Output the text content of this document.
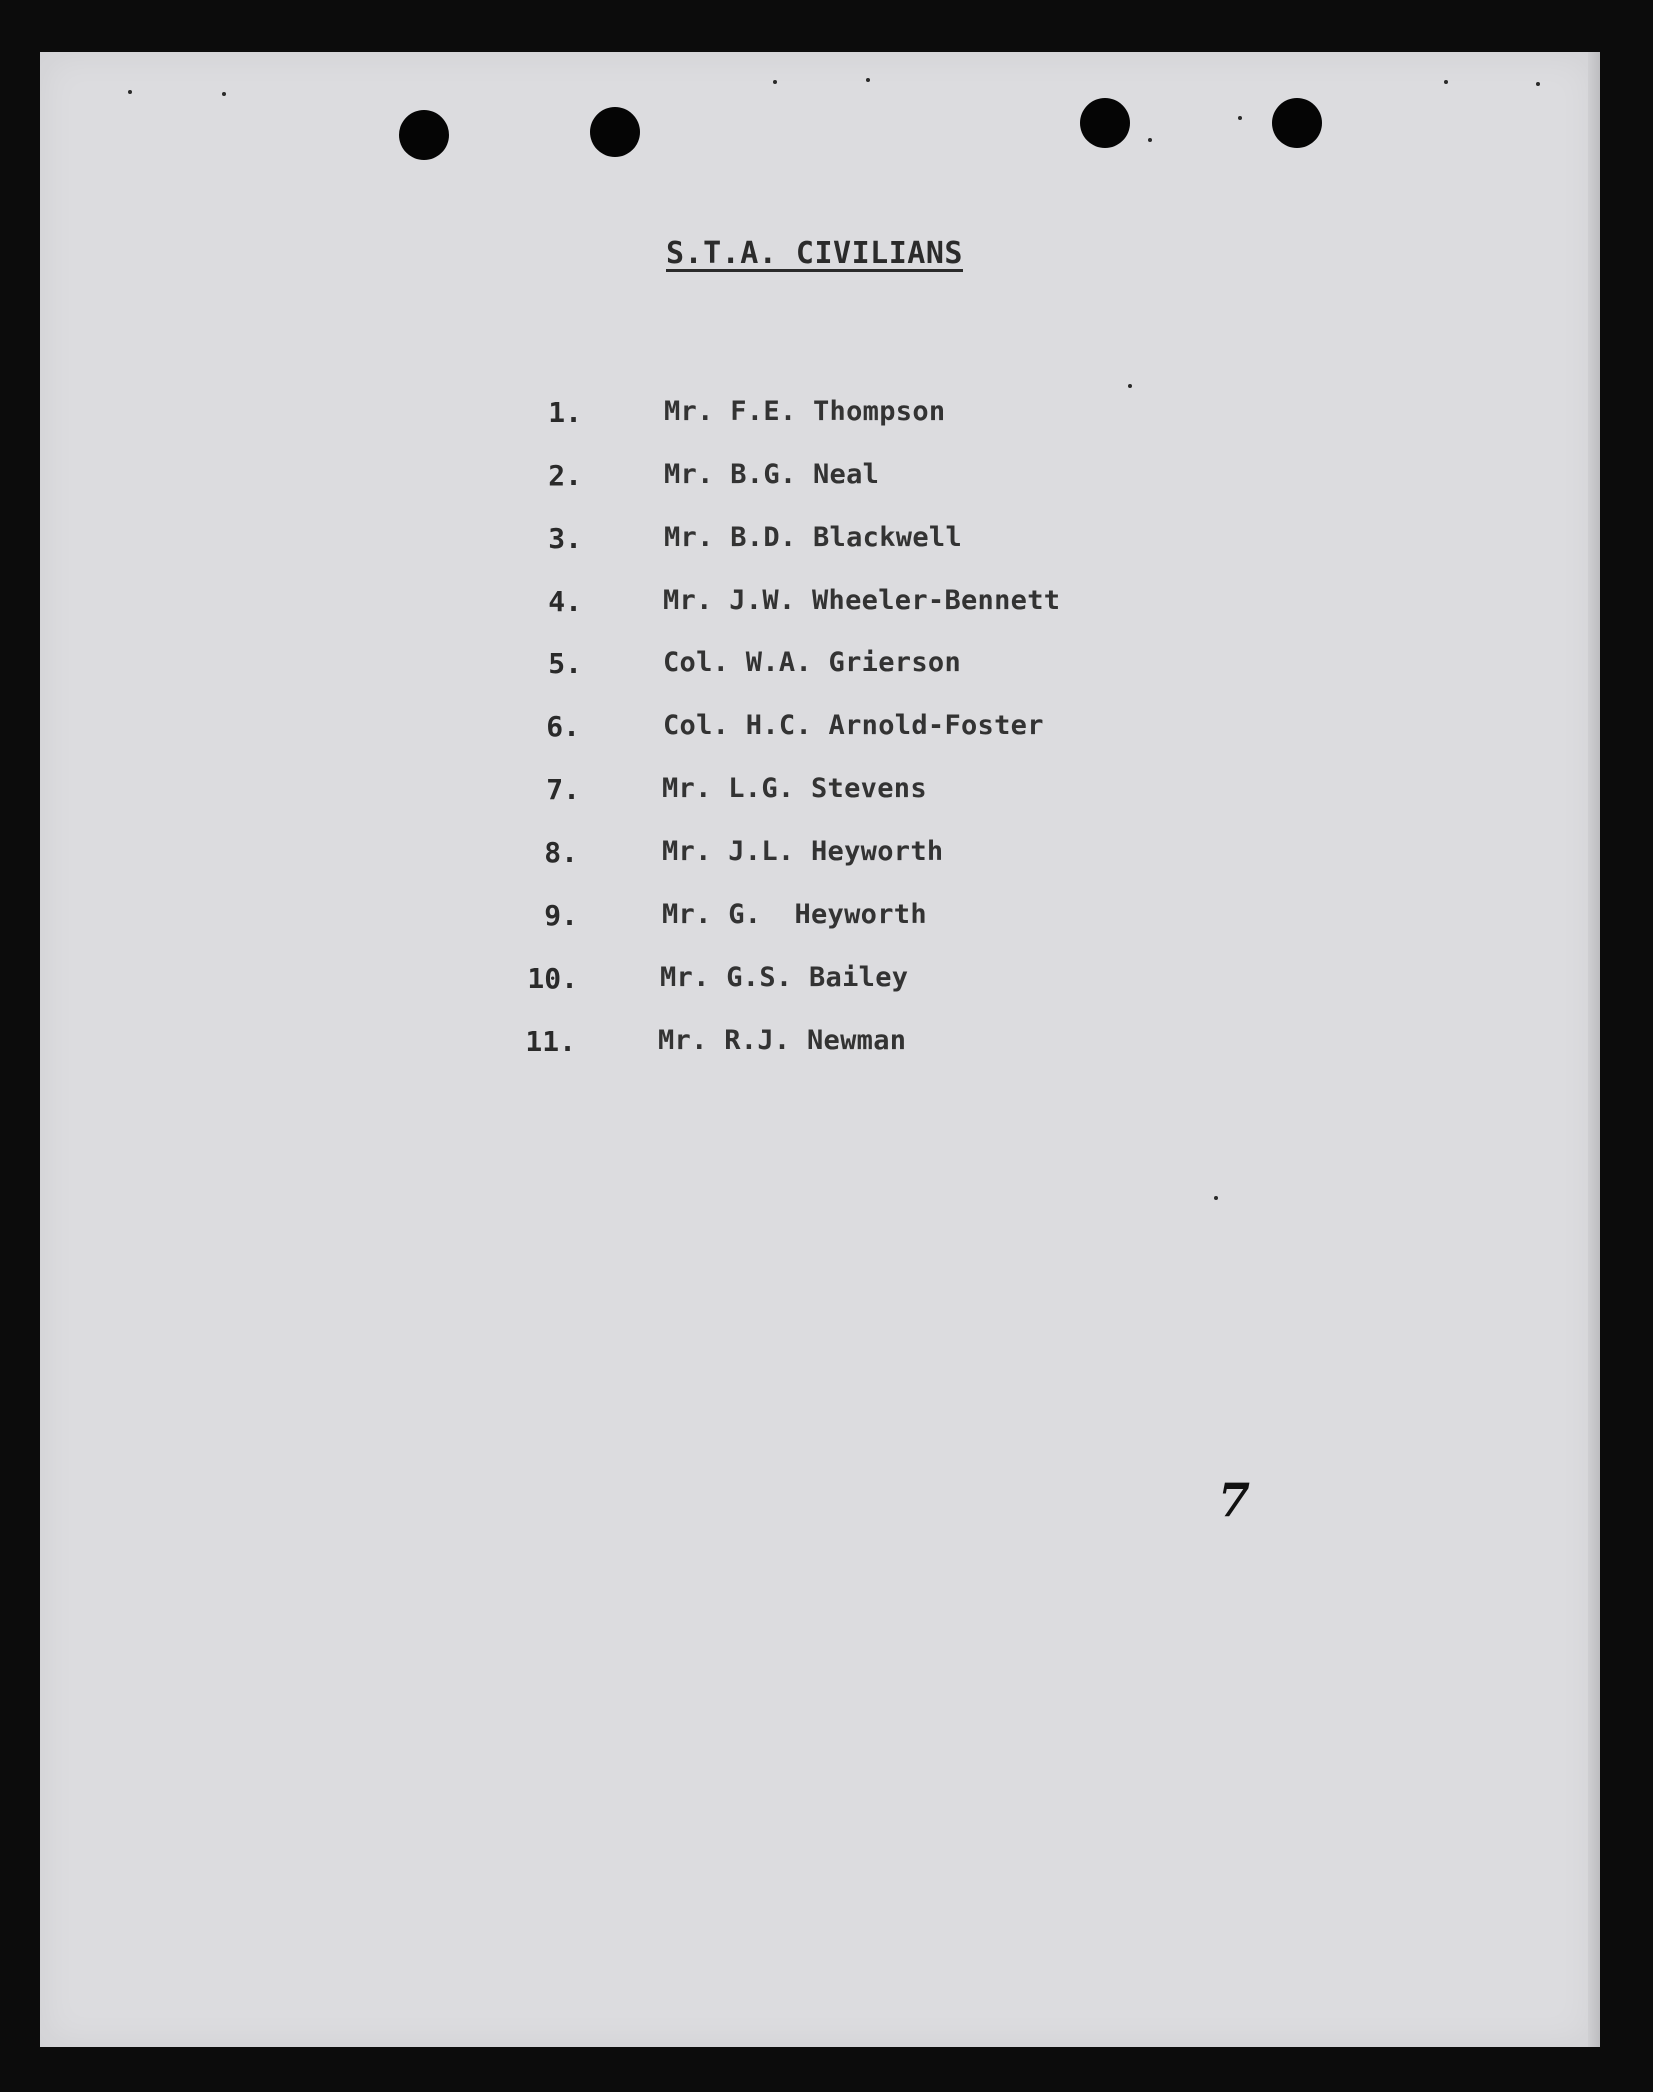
S.T.A. CIVILIANS
1.	Mr. F.E. Thompson
2.	Mr. B.G. Neal
3.	Mr. B.D. Blackwell
4.	Mr. J.W. Wheeler-Bennett
5.	Col. W.A. Grierson
6.	Col. H.C. Arnold-Foster
7.	Mr. L.G. Stevens
8.	Mr. J.L. Heyworth
9.	Mr. G.  Heyworth
10.	Mr. G.S. Bailey
11.	Mr. R.J. Newman
7
